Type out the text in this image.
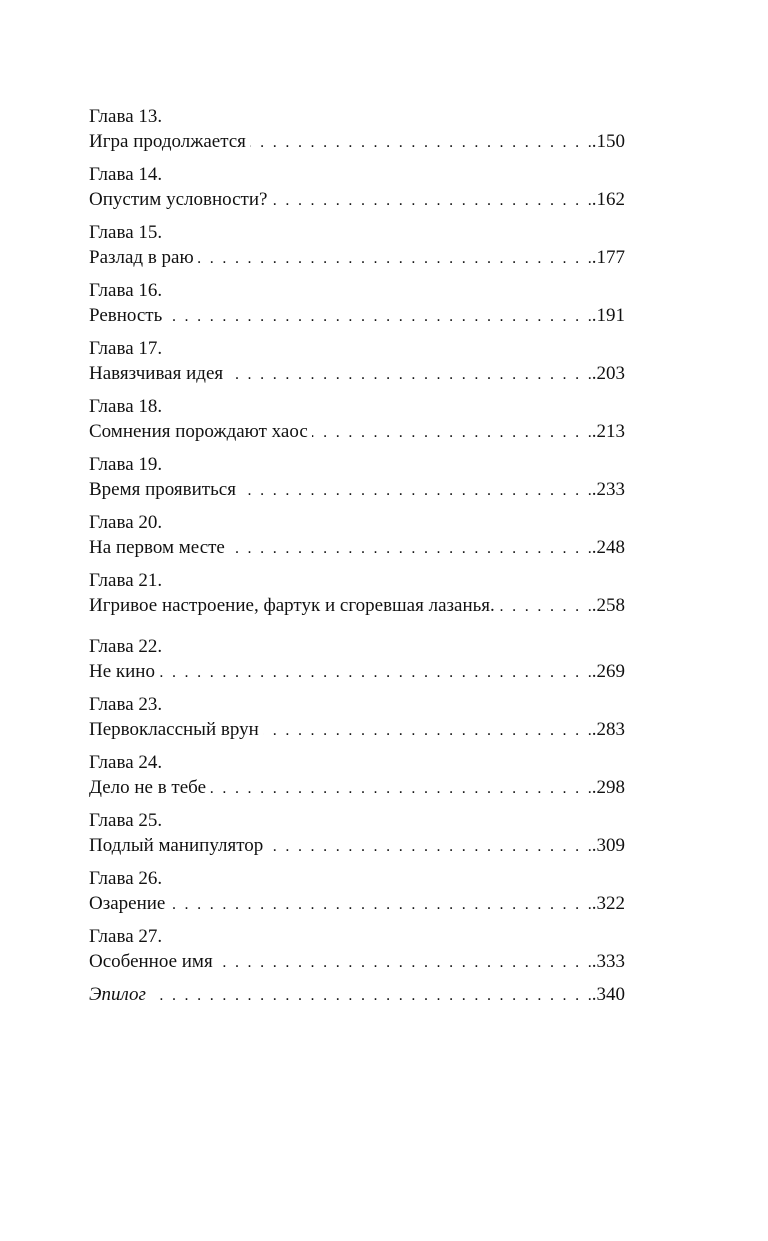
Глава 13.
Игра продолжается . . .	.150
Глава 14.
Опустим условности? . . .	.162
Глава 15.
Разлад в раю . . .	.177
Глава 16.
Ревность . . .	.191
Глава 17.
Навязчивая идея . . .	.203
Глава 18.
Сомнения порождают хаос . . .	.213
Глава 19.
Время проявиться . . .	.233
Глава 20.
На первом месте . . .	.248
Глава 21.
Игривое настроение, фартук и сгоревшая лазанья. . . .	.258
Глава 22.
Не кино . . .	.269
Глава 23.
Первоклассный врун . . .	.283
Глава 24.
Дело не в тебе . . .	.298
Глава 25.
Подлый манипулятор . . .	.309
Глава 26.
Озарение . . .	.322
Глава 27.
Особенное имя . . .	.333
Эпилог . . .	.340
